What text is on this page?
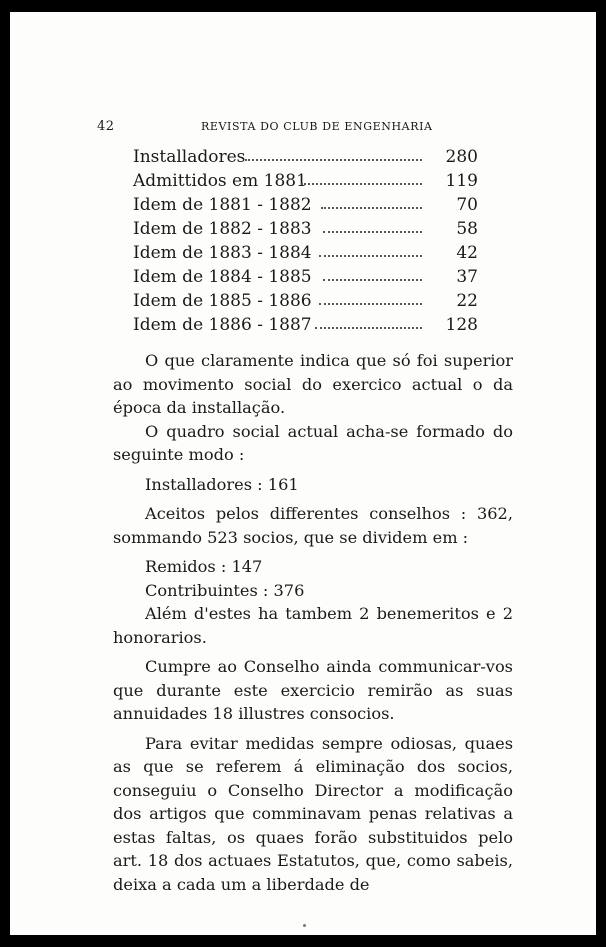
42	REVISTA DO CLUB DE ENGENHARIA
Installadores	280
Admittidos em 1881	119
Idem de 1881 - 1882	70
Idem de 1882 - 1883	58
Idem de 1883 - 1884	42
Idem de 1884 - 1885	37
Idem de 1885 - 1886	22
Idem de 1886 - 1887	128

O que claramente indica que só foi superior ao movimento social do exercico actual o da época da installação.

O quadro social actual acha-se formado do seguinte modo :

Installadores : 161

Aceitos pelos differentes conselhos : 362, sommando 523 socios, que se dividem em :

Remidos : 147

Contribuintes : 376

Além d'estes ha tambem 2 benemeritos e 2 honorarios.

Cumpre ao Conselho ainda communicar-vos que durante este exercicio remirão as suas annuidades 18 illustres consocios.

Para evitar medidas sempre odiosas, quaes as que se referem á eliminação dos socios, conseguiu o Conselho Director a modificação dos artigos que comminavam penas relativas a estas faltas, os quaes forão substituidos pelo art. 18 dos actuaes Estatutos, que, como sabeis, deixa a cada um a liberdade de
